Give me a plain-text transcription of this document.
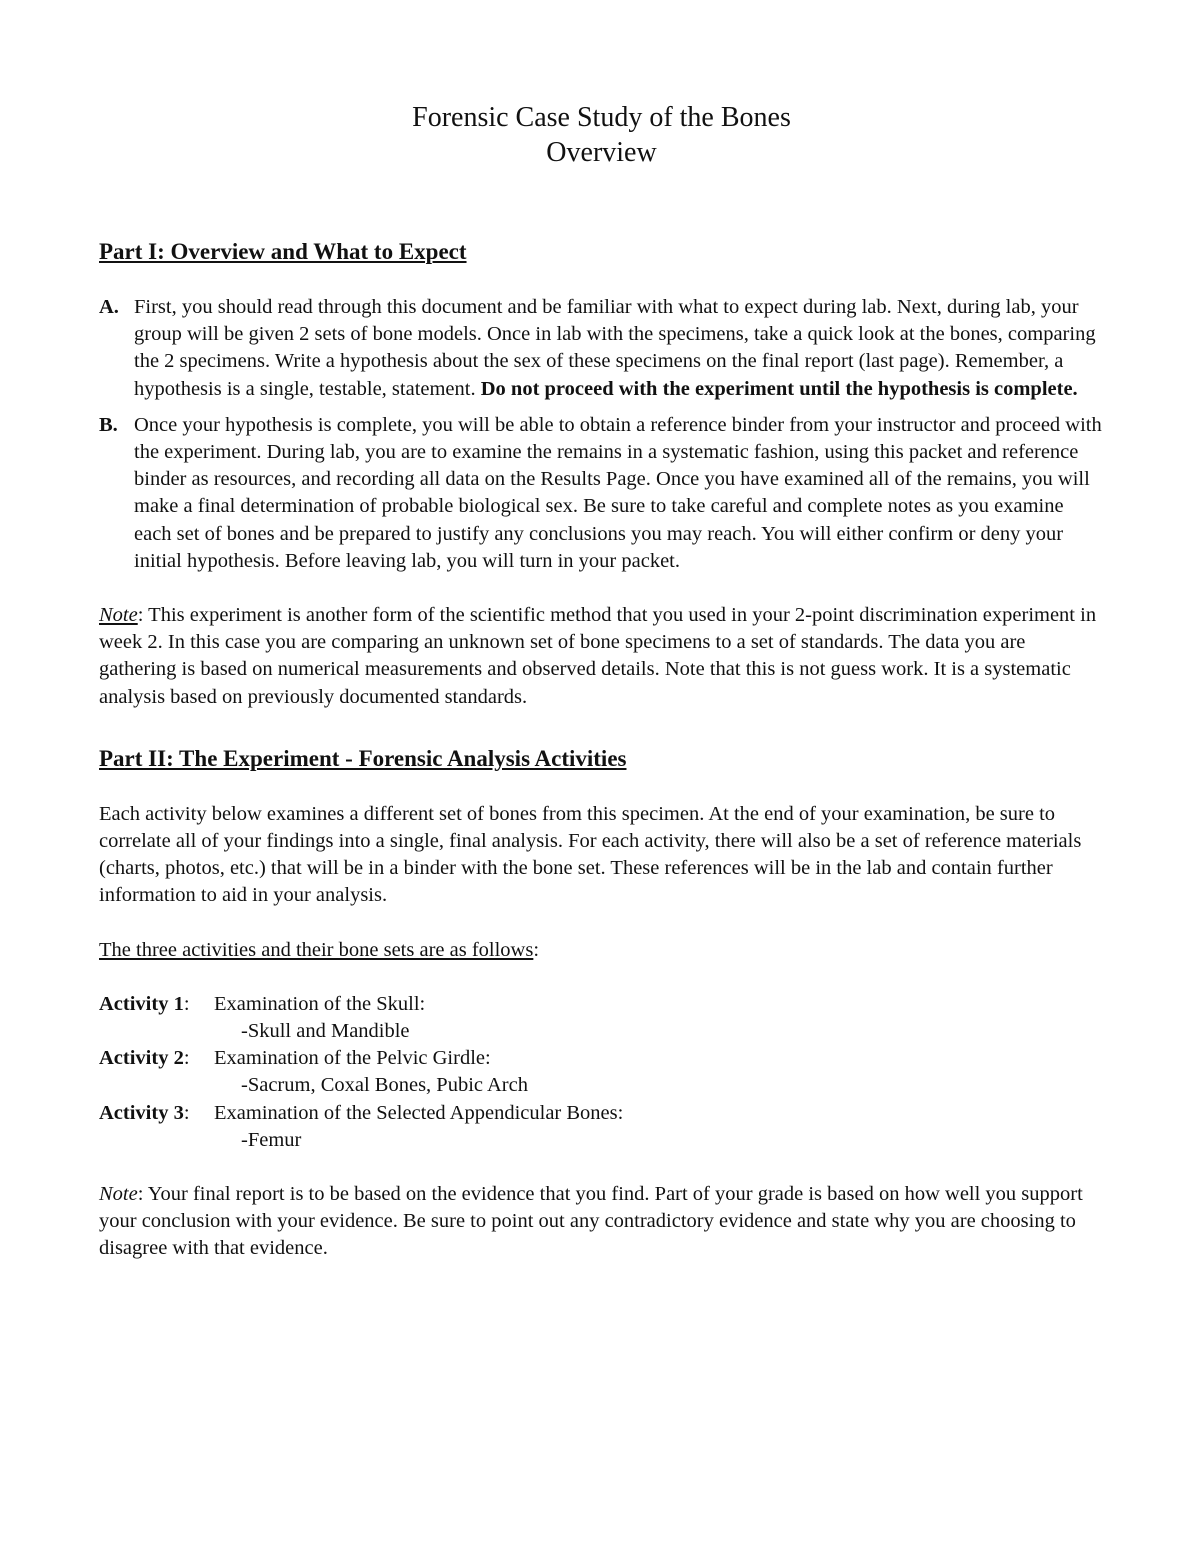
Forensic Case Study of the Bones
Overview
Part I: Overview and What to Expect
A. First, you should read through this document and be familiar with what to expect during lab. Next, during lab, your group will be given 2 sets of bone models. Once in lab with the specimens, take a quick look at the bones, comparing the 2 specimens. Write a hypothesis about the sex of these specimens on the final report (last page). Remember, a hypothesis is a single, testable, statement. Do not proceed with the experiment until the hypothesis is complete.
B. Once your hypothesis is complete, you will be able to obtain a reference binder from your instructor and proceed with the experiment. During lab, you are to examine the remains in a systematic fashion, using this packet and reference binder as resources, and recording all data on the Results Page. Once you have examined all of the remains, you will make a final determination of probable biological sex. Be sure to take careful and complete notes as you examine each set of bones and be prepared to justify any conclusions you may reach. You will either confirm or deny your initial hypothesis. Before leaving lab, you will turn in your packet.

Note: This experiment is another form of the scientific method that you used in your 2-point discrimination experiment in week 2. In this case you are comparing an unknown set of bone specimens to a set of standards. The data you are gathering is based on numerical measurements and observed details. Note that this is not guess work. It is a systematic analysis based on previously documented standards.

Part II: The Experiment - Forensic Analysis Activities

Each activity below examines a different set of bones from this specimen. At the end of your examination, be sure to correlate all of your findings into a single, final analysis. For each activity, there will also be a set of reference materials (charts, photos, etc.) that will be in a binder with the bone set. These references will be in the lab and contain further information to aid in your analysis.

The three activities and their bone sets are as follows:

Activity 1: Examination of the Skull:
-Skull and Mandible
Activity 2: Examination of the Pelvic Girdle:
-Sacrum, Coxal Bones, Pubic Arch
Activity 3: Examination of the Selected Appendicular Bones:
-Femur

Note: Your final report is to be based on the evidence that you find. Part of your grade is based on how well you support your conclusion with your evidence. Be sure to point out any contradictory evidence and state why you are choosing to disagree with that evidence.
